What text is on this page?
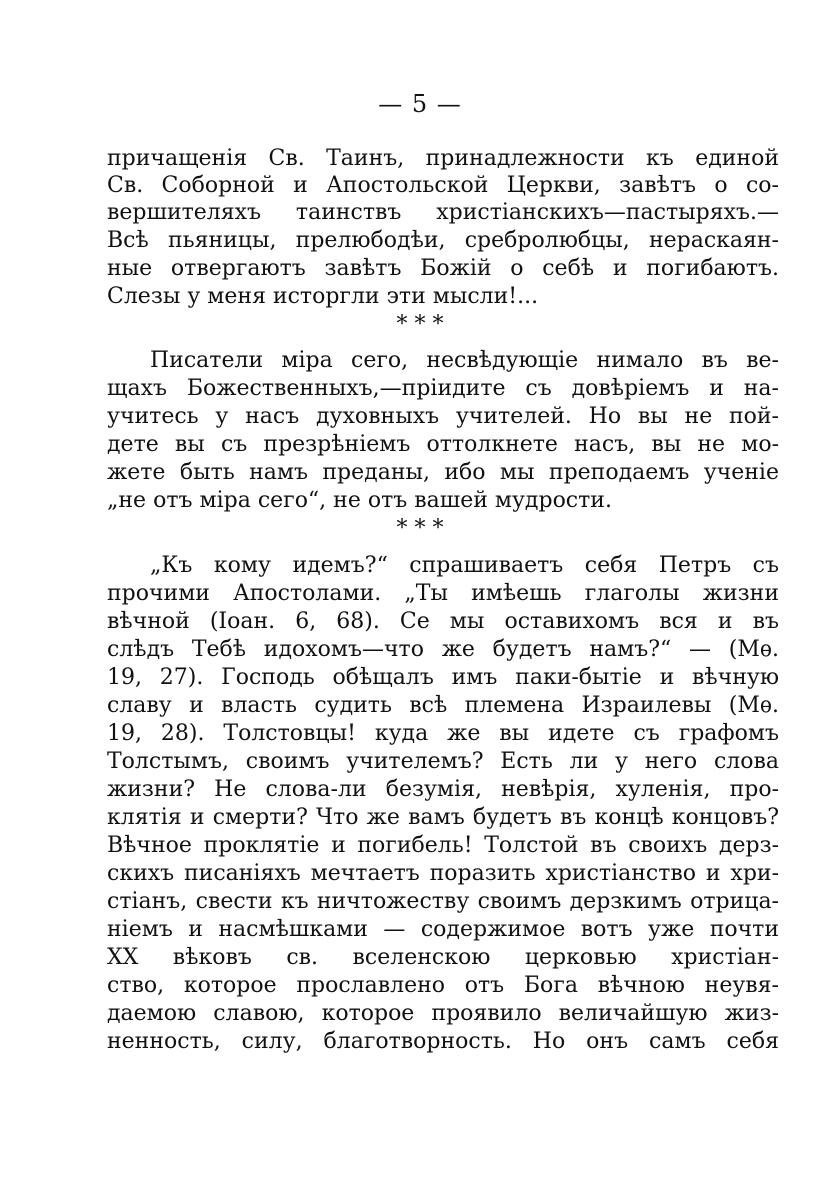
— 5 —
причащенія Св. Таинъ, принадлежности къ единой
Св. Соборной и Апостольской Церкви, завѣтъ о со-
вершителяхъ таинствъ христіанскихъ—пастыряхъ.—
Всѣ пьяницы, прелюбодѣи, сребролюбцы, нераскаян-
ные отвергаютъ завѣтъ Божій о себѣ и погибаютъ.
Слезы у меня исторгли эти мысли!...
* * *
Писатели міра сего, несвѣдующіе нимало въ ве-
щахъ Божественныхъ,—пріидите съ довѣріемъ и на-
учитесь у насъ духовныхъ учителей. Но вы не пой-
дете вы съ презрѣніемъ оттолкнете насъ, вы не мо-
жете быть намъ преданы, ибо мы преподаемъ ученіе
„не отъ міра сего“, не отъ вашей мудрости.
* * *
„Къ кому идемъ?“ спрашиваетъ себя Петръ съ
прочими Апостолами. „Ты имѣешь глаголы жизни
вѣчной (Іоан. 6, 68). Се мы оставихомъ вся и въ
слѣдъ Тебѣ идохомъ—что же будетъ намъ?“ — (Мѳ.
19, 27). Господь обѣщалъ имъ паки-бытіе и вѣчную
славу и власть судить всѣ племена Израилевы (Мѳ.
19, 28). Толстовцы! куда же вы идете съ графомъ
Толстымъ, своимъ учителемъ? Есть ли у него слова
жизни? Не слова-ли безумія, невѣрія, хуленія, про-
клятія и смерти? Что же вамъ будетъ въ концѣ концовъ?
Вѣчное проклятіе и погибель! Толстой въ своихъ дерз-
скихъ писаніяхъ мечтаетъ поразить христіанство и хри-
стіанъ, свести къ ничтожеству своимъ дерзкимъ отрица-
ніемъ и насмѣшками — содержимое вотъ уже почти
XX вѣковъ св. вселенскою церковью христіан-
ство, которое прославлено отъ Бога вѣчною неувя-
даемою славою, которое проявило величайшую жиз-
ненность, силу, благотворность. Но онъ самъ себя
